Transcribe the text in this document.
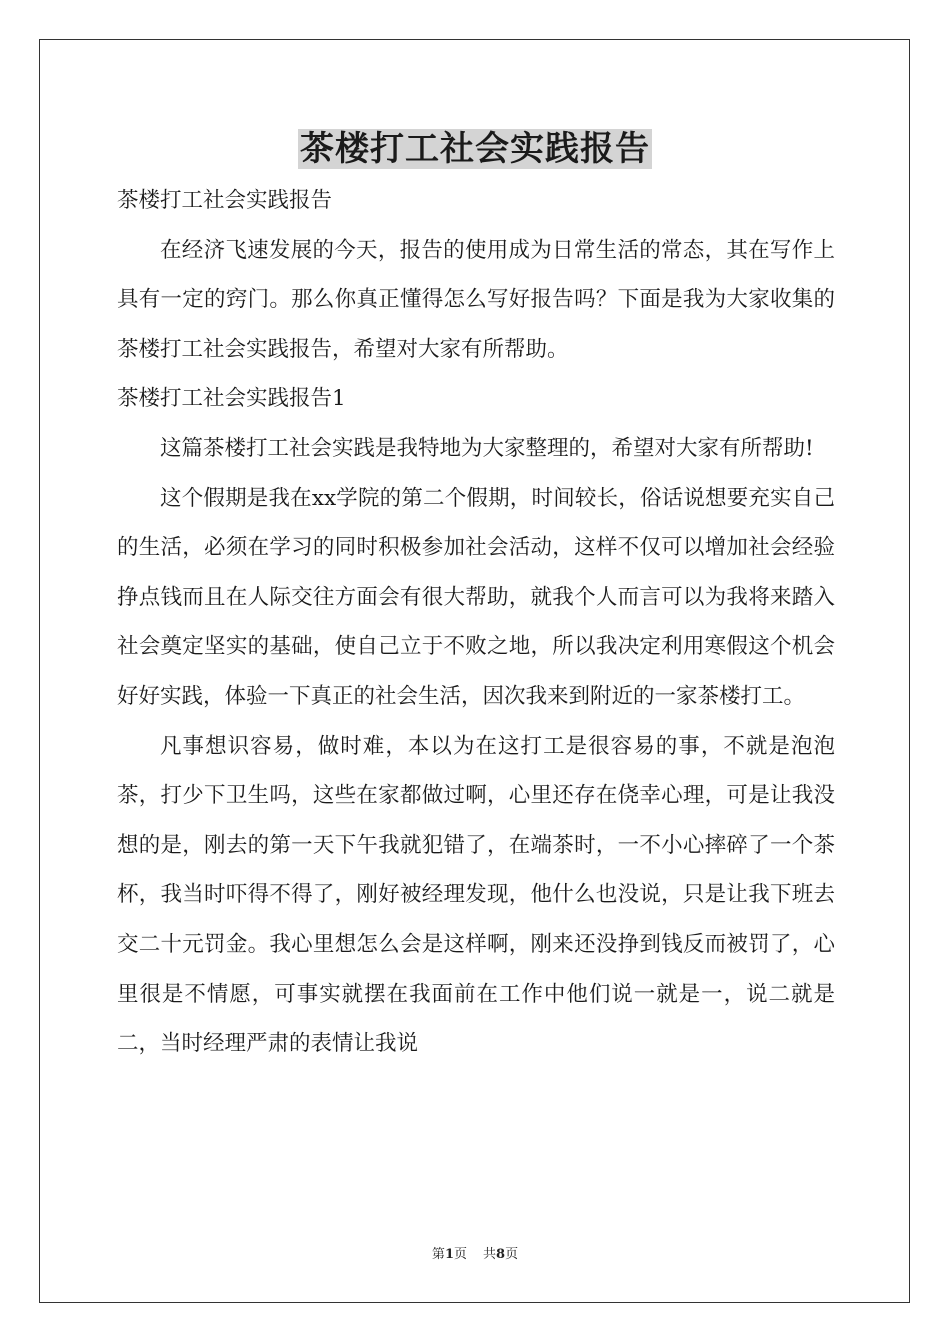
茶楼打工社会实践报告

茶楼打工社会实践报告

在经济飞速发展的今天，报告的使用成为日常生活的常态，其在写作上具有一定的窍门。那么你真正懂得怎么写好报告吗？下面是我为大家收集的茶楼打工社会实践报告，希望对大家有所帮助。

茶楼打工社会实践报告1

这篇茶楼打工社会实践是我特地为大家整理的，希望对大家有所帮助!

这个假期是我在xx学院的第二个假期，时间较长，俗话说想要充实自己的生活，必须在学习的同时积极参加社会活动，这样不仅可以增加社会经验挣点钱而且在人际交往方面会有很大帮助，就我个人而言可以为我将来踏入社会奠定坚实的基础，使自己立于不败之地，所以我决定利用寒假这个机会好好实践，体验一下真正的社会生活，因次我来到附近的一家茶楼打工。

凡事想识容易，做时难，本以为在这打工是很容易的事，不就是泡泡茶，打少下卫生吗，这些在家都做过啊，心里还存在侥幸心理，可是让我没想的是，刚去的第一天下午我就犯错了，在端茶时，一不小心摔碎了一个茶杯，我当时吓得不得了，刚好被经理发现，他什么也没说，只是让我下班去交二十元罚金。我心里想怎么会是这样啊，刚来还没挣到钱反而被罚了，心里很是不情愿，可事实就摆在我面前在工作中他们说一就是一，说二就是二，当时经理严肃的表情让我说

第1页 共8页
